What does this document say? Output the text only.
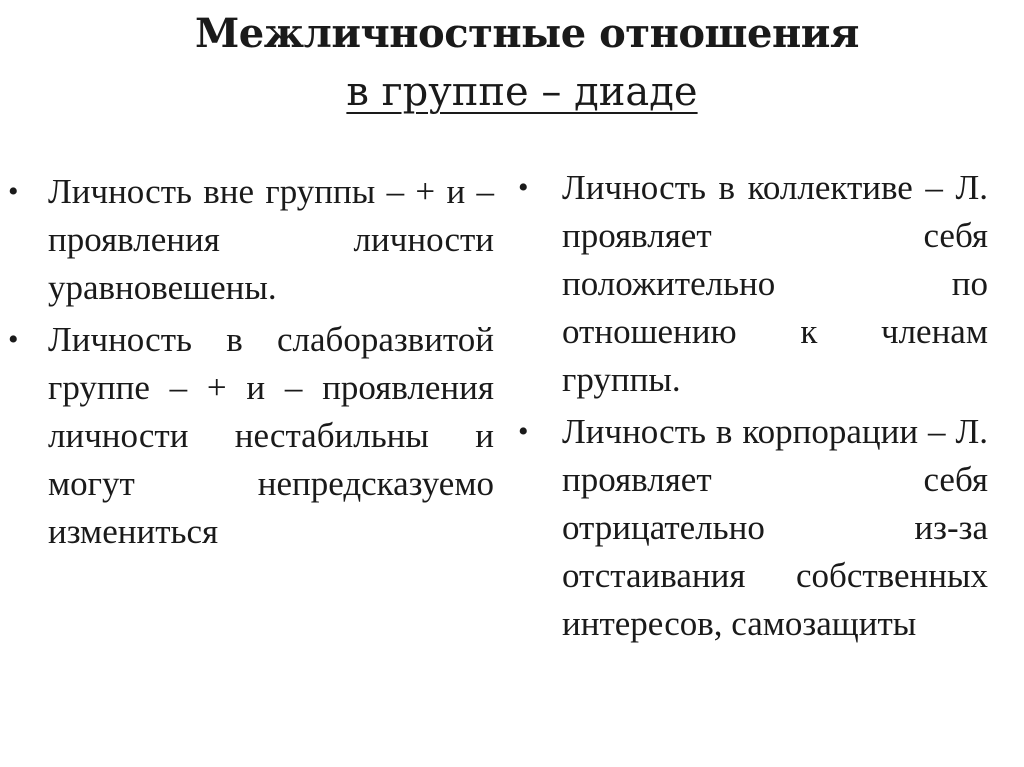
Межличностные отношения
в группе – диаде
• Личность вне группы – + и – проявления личности уравновешены.
• Личность в слаборазвитой группе – + и – проявления личности нестабильны и могут непредсказуемо измениться
• Личность в коллективе – Л. проявляет себя положительно по отношению к членам группы.
• Личность в корпорации – Л. проявляет себя отрицательно из-за отстаивания собственных интересов, самозащиты
